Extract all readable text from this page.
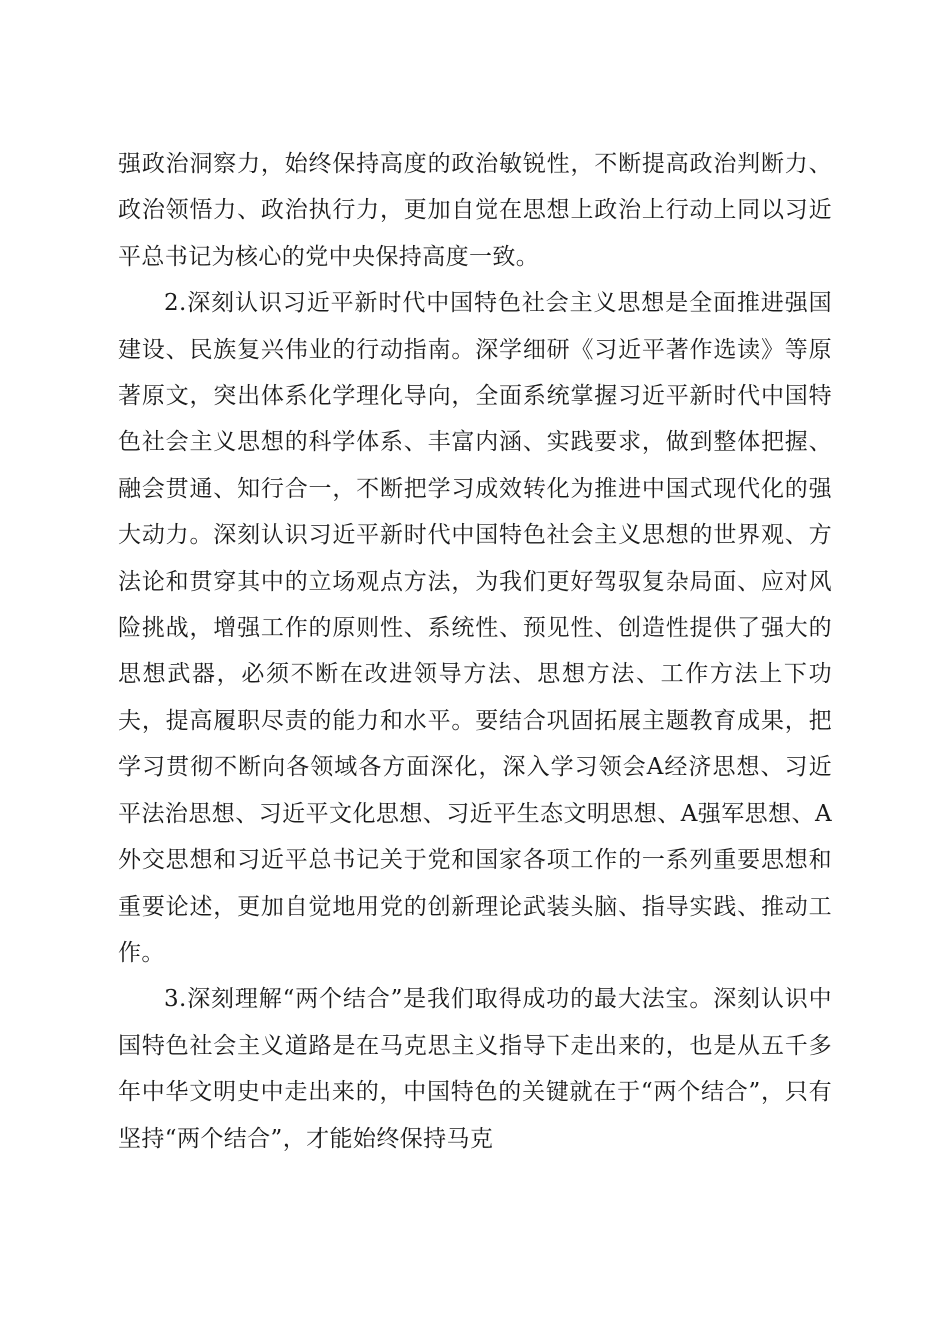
强政治洞察力，始终保持高度的政治敏锐性，不断提高政治判断力、政治领悟力、政治执行力，更加自觉在思想上政治上行动上同以习近平总书记为核心的党中央保持高度一致。

2.深刻认识习近平新时代中国特色社会主义思想是全面推进强国建设、民族复兴伟业的行动指南。深学细研《习近平著作选读》等原著原文，突出体系化学理化导向，全面系统掌握习近平新时代中国特色社会主义思想的科学体系、丰富内涵、实践要求，做到整体把握、融会贯通、知行合一，不断把学习成效转化为推进中国式现代化的强大动力。深刻认识习近平新时代中国特色社会主义思想的世界观、方法论和贯穿其中的立场观点方法，为我们更好驾驭复杂局面、应对风险挑战，增强工作的原则性、系统性、预见性、创造性提供了强大的思想武器，必须不断在改进领导方法、思想方法、工作方法上下功夫，提高履职尽责的能力和水平。要结合巩固拓展主题教育成果，把学习贯彻不断向各领域各方面深化，深入学习领会A经济思想、习近平法治思想、习近平文化思想、习近平生态文明思想、A强军思想、A外交思想和习近平总书记关于党和国家各项工作的一系列重要思想和重要论述，更加自觉地用党的创新理论武装头脑、指导实践、推动工作。

3.深刻理解“两个结合”是我们取得成功的最大法宝。深刻认识中国特色社会主义道路是在马克思主义指导下走出来的，也是从五千多年中华文明史中走出来的，中国特色的关键就在于“两个结合”，只有坚持“两个结合”，才能始终保持马克
